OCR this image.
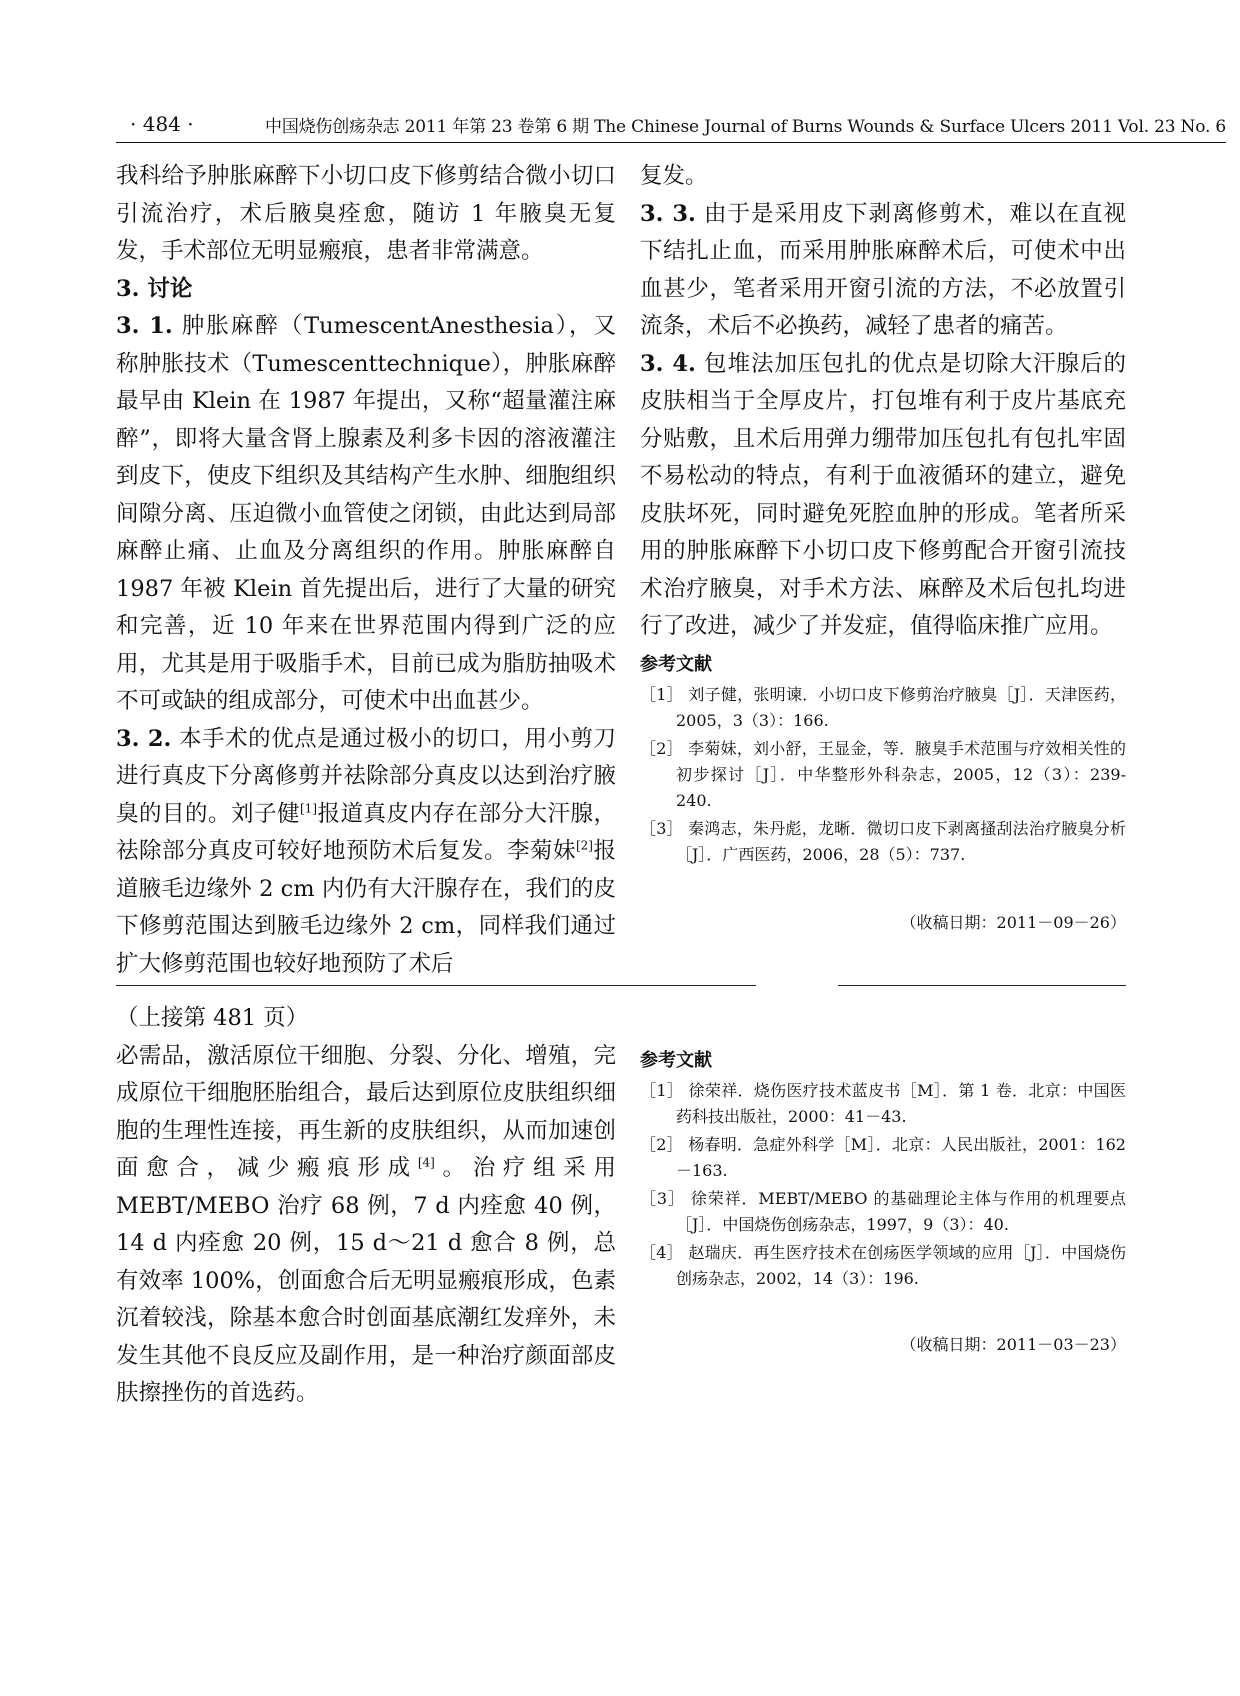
· 484 ·	中国烧伤创疡杂志 2011 年第 23 卷第 6 期 The Chinese Journal of Burns Wounds & Surface Ulcers 2011 Vol. 23 No. 6

我科给予肿胀麻醉下小切口皮下修剪结合微小切口引流治疗，术后腋臭痊愈，随访 1 年腋臭无复发，手术部位无明显瘢痕，患者非常满意。

3. 讨论

3. 1. 肿胀麻醉（TumescentAnesthesia），又称肿胀技术（Tumescenttechnique），肿胀麻醉最早由 Klein 在 1987 年提出，又称“超量灌注麻醉”，即将大量含肾上腺素及利多卡因的溶液灌注到皮下，使皮下组织及其结构产生水肿、细胞组织间隙分离、压迫微小血管使之闭锁，由此达到局部麻醉止痛、止血及分离组织的作用。肿胀麻醉自 1987 年被 Klein 首先提出后，进行了大量的研究和完善，近 10 年来在世界范围内得到广泛的应用，尤其是用于吸脂手术，目前已成为脂肪抽吸术不可或缺的组成部分，可使术中出血甚少。

3. 2. 本手术的优点是通过极小的切口，用小剪刀进行真皮下分离修剪并祛除部分真皮以达到治疗腋臭的目的。刘子健[1]报道真皮内存在部分大汗腺，祛除部分真皮可较好地预防术后复发。李菊妹[2]报道腋毛边缘外 2 cm 内仍有大汗腺存在，我们的皮下修剪范围达到腋毛边缘外 2 cm，同样我们通过扩大修剪范围也较好地预防了术后

复发。

3. 3. 由于是采用皮下剥离修剪术，难以在直视下结扎止血，而采用肿胀麻醉术后，可使术中出血甚少，笔者采用开窗引流的方法，不必放置引流条，术后不必换药，减轻了患者的痛苦。

3. 4. 包堆法加压包扎的优点是切除大汗腺后的皮肤相当于全厚皮片，打包堆有利于皮片基底充分贴敷，且术后用弹力绷带加压包扎有包扎牢固不易松动的特点，有利于血液循环的建立，避免皮肤坏死，同时避免死腔血肿的形成。笔者所采用的肿胀麻醉下小切口皮下修剪配合开窗引流技术治疗腋臭，对手术方法、麻醉及术后包扎均进行了改进，减少了并发症，值得临床推广应用。

参考文献
［1］ 刘子健，张明谏．小切口皮下修剪治疗腋臭［J］．天津医药，2005，3（3）：166.
［2］ 李菊妹，刘小舒，王显金，等．腋臭手术范围与疗效相关性的初步探讨［J］．中华整形外科杂志，2005，12（3）：239-240.
［3］ 秦鸿志，朱丹彪，龙晰．微切口皮下剥离搔刮法治疗腋臭分析［J］．广西医药，2006，28（5）：737.
（收稿日期：2011－09－26）

（上接第 481 页）

必需品，激活原位干细胞、分裂、分化、增殖，完成原位干细胞胚胎组合，最后达到原位皮肤组织细胞的生理性连接，再生新的皮肤组织，从而加速创面愈合，减少瘢痕形成[4]。治疗组采用 MEBT/MEBO 治疗 68 例，7 d 内痊愈 40 例，14 d 内痊愈 20 例，15 d～21 d 愈合 8 例，总有效率 100%，创面愈合后无明显瘢痕形成，色素沉着较浅，除基本愈合时创面基底潮红发痒外，未发生其他不良反应及副作用，是一种治疗颜面部皮肤擦挫伤的首选药。

参考文献
［1］ 徐荣祥．烧伤医疗技术蓝皮书［M］．第 1 卷．北京：中国医药科技出版社，2000：41－43.
［2］ 杨春明．急症外科学［M］．北京：人民出版社，2001：162－163.
［3］ 徐荣祥．MEBT/MEBO 的基础理论主体与作用的机理要点［J］．中国烧伤创疡杂志，1997，9（3）：40.
［4］ 赵瑞庆．再生医疗技术在创疡医学领域的应用［J］．中国烧伤创疡杂志，2002，14（3）：196.
（收稿日期：2011－03－23）
